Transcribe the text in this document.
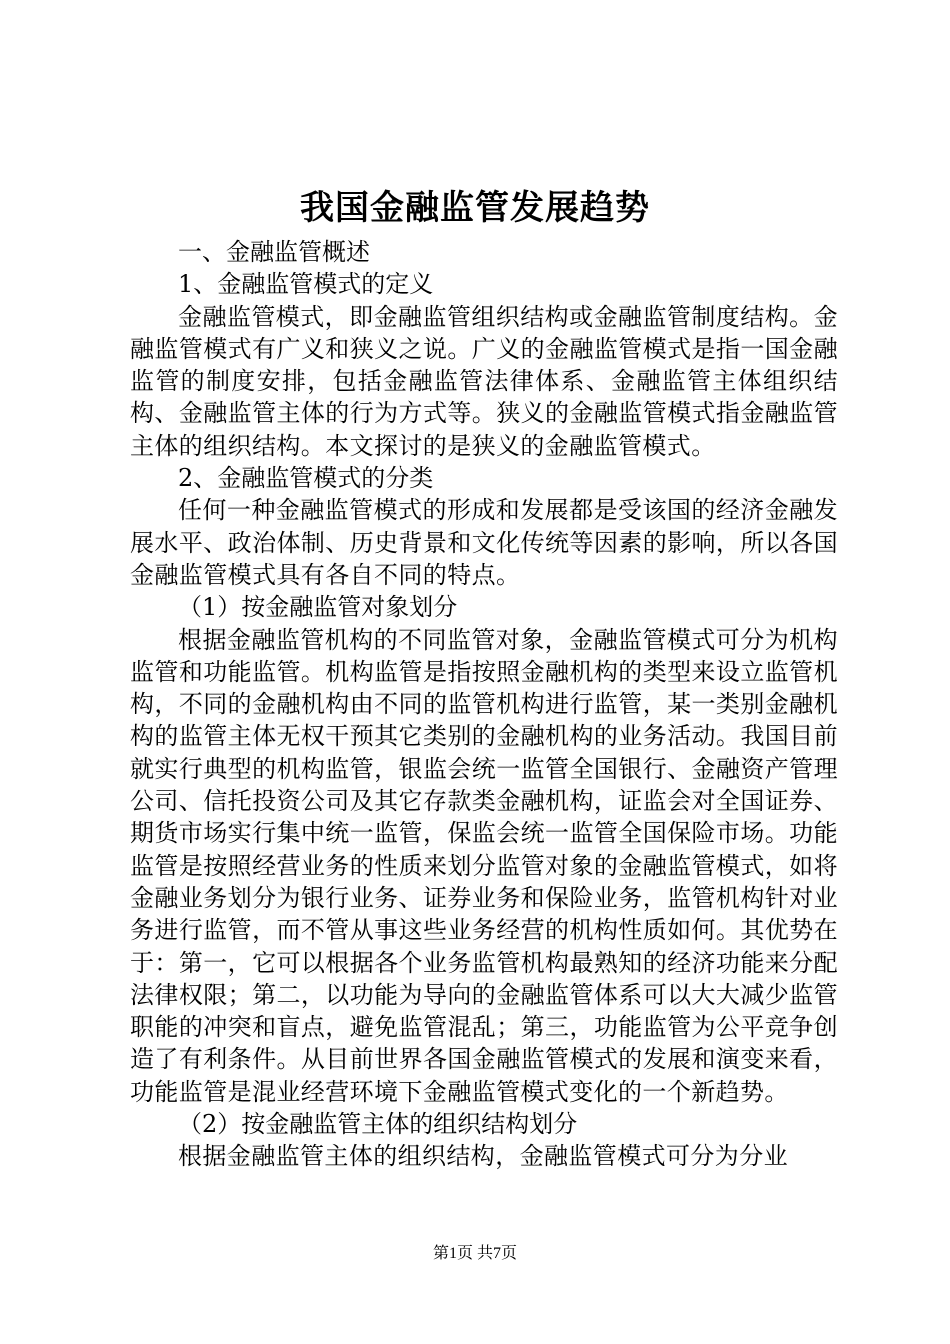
我国金融监管发展趋势

一、金融监管概述

1、金融监管模式的定义

金融监管模式，即金融监管组织结构或金融监管制度结构。金融监管模式有广义和狭义之说。广义的金融监管模式是指一国金融监管的制度安排，包括金融监管法律体系、金融监管主体组织结构、金融监管主体的行为方式等。狭义的金融监管模式指金融监管主体的组织结构。本文探讨的是狭义的金融监管模式。

2、金融监管模式的分类

任何一种金融监管模式的形成和发展都是受该国的经济金融发展水平、政治体制、历史背景和文化传统等因素的影响，所以各国金融监管模式具有各自不同的特点。

（1）按金融监管对象划分

根据金融监管机构的不同监管对象，金融监管模式可分为机构监管和功能监管。机构监管是指按照金融机构的类型来设立监管机构，不同的金融机构由不同的监管机构进行监管，某一类别金融机构的监管主体无权干预其它类别的金融机构的业务活动。我国目前就实行典型的机构监管，银监会统一监管全国银行、金融资产管理公司、信托投资公司及其它存款类金融机构，证监会对全国证券、期货市场实行集中统一监管，保监会统一监管全国保险市场。功能监管是按照经营业务的性质来划分监管对象的金融监管模式，如将金融业务划分为银行业务、证券业务和保险业务，监管机构针对业务进行监管，而不管从事这些业务经营的机构性质如何。其优势在于：第一，它可以根据各个业务监管机构最熟知的经济功能来分配法律权限；第二，以功能为导向的金融监管体系可以大大减少监管职能的冲突和盲点，避免监管混乱；第三，功能监管为公平竞争创造了有利条件。从目前世界各国金融监管模式的发展和演变来看，功能监管是混业经营环境下金融监管模式变化的一个新趋势。

（2）按金融监管主体的组织结构划分

根据金融监管主体的组织结构，金融监管模式可分为分业

第1页 共7页
